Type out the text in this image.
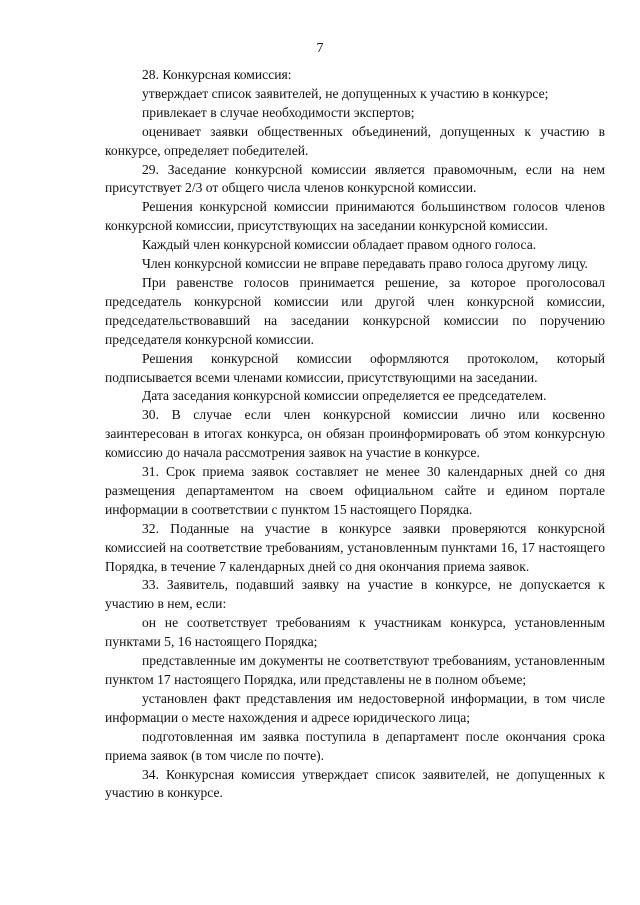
7

28. Конкурсная комиссия:

утверждает список заявителей, не допущенных к участию в конкурсе;

привлекает в случае необходимости экспертов;

оценивает заявки общественных объединений, допущенных к участию в конкурсе, определяет победителей.

29. Заседание конкурсной комиссии является правомочным, если на нем присутствует 2/3 от общего числа членов конкурсной комиссии.

Решения конкурсной комиссии принимаются большинством голосов членов конкурсной комиссии, присутствующих на заседании конкурсной комиссии.

Каждый член конкурсной комиссии обладает правом одного голоса.

Член конкурсной комиссии не вправе передавать право голоса другому лицу.

При равенстве голосов принимается решение, за которое проголосовал председатель конкурсной комиссии или другой член конкурсной комиссии, председательствовавший на заседании конкурсной комиссии по поручению председателя конкурсной комиссии.

Решения конкурсной комиссии оформляются протоколом, который подписывается всеми членами комиссии, присутствующими на заседании.

Дата заседания конкурсной комиссии определяется ее председателем.

30. В случае если член конкурсной комиссии лично или косвенно заинтересован в итогах конкурса, он обязан проинформировать об этом конкурсную комиссию до начала рассмотрения заявок на участие в конкурсе.

31. Срок приема заявок составляет не менее 30 календарных дней со дня размещения департаментом на своем официальном сайте и едином портале информации в соответствии с пунктом 15 настоящего Порядка.

32. Поданные на участие в конкурсе заявки проверяются конкурсной комиссией на соответствие требованиям, установленным пунктами 16, 17 настоящего Порядка, в течение 7 календарных дней со дня окончания приема заявок.

33. Заявитель, подавший заявку на участие в конкурсе, не допускается к участию в нем, если:

он не соответствует требованиям к участникам конкурса, установленным пунктами 5, 16 настоящего Порядка;

представленные им документы не соответствуют требованиям, установленным пунктом 17 настоящего Порядка, или представлены не в полном объеме;

установлен факт представления им недостоверной информации, в том числе информации о месте нахождения и адресе юридического лица;

подготовленная им заявка поступила в департамент после окончания срока приема заявок (в том числе по почте).

34. Конкурсная комиссия утверждает список заявителей, не допущенных к участию в конкурсе.
